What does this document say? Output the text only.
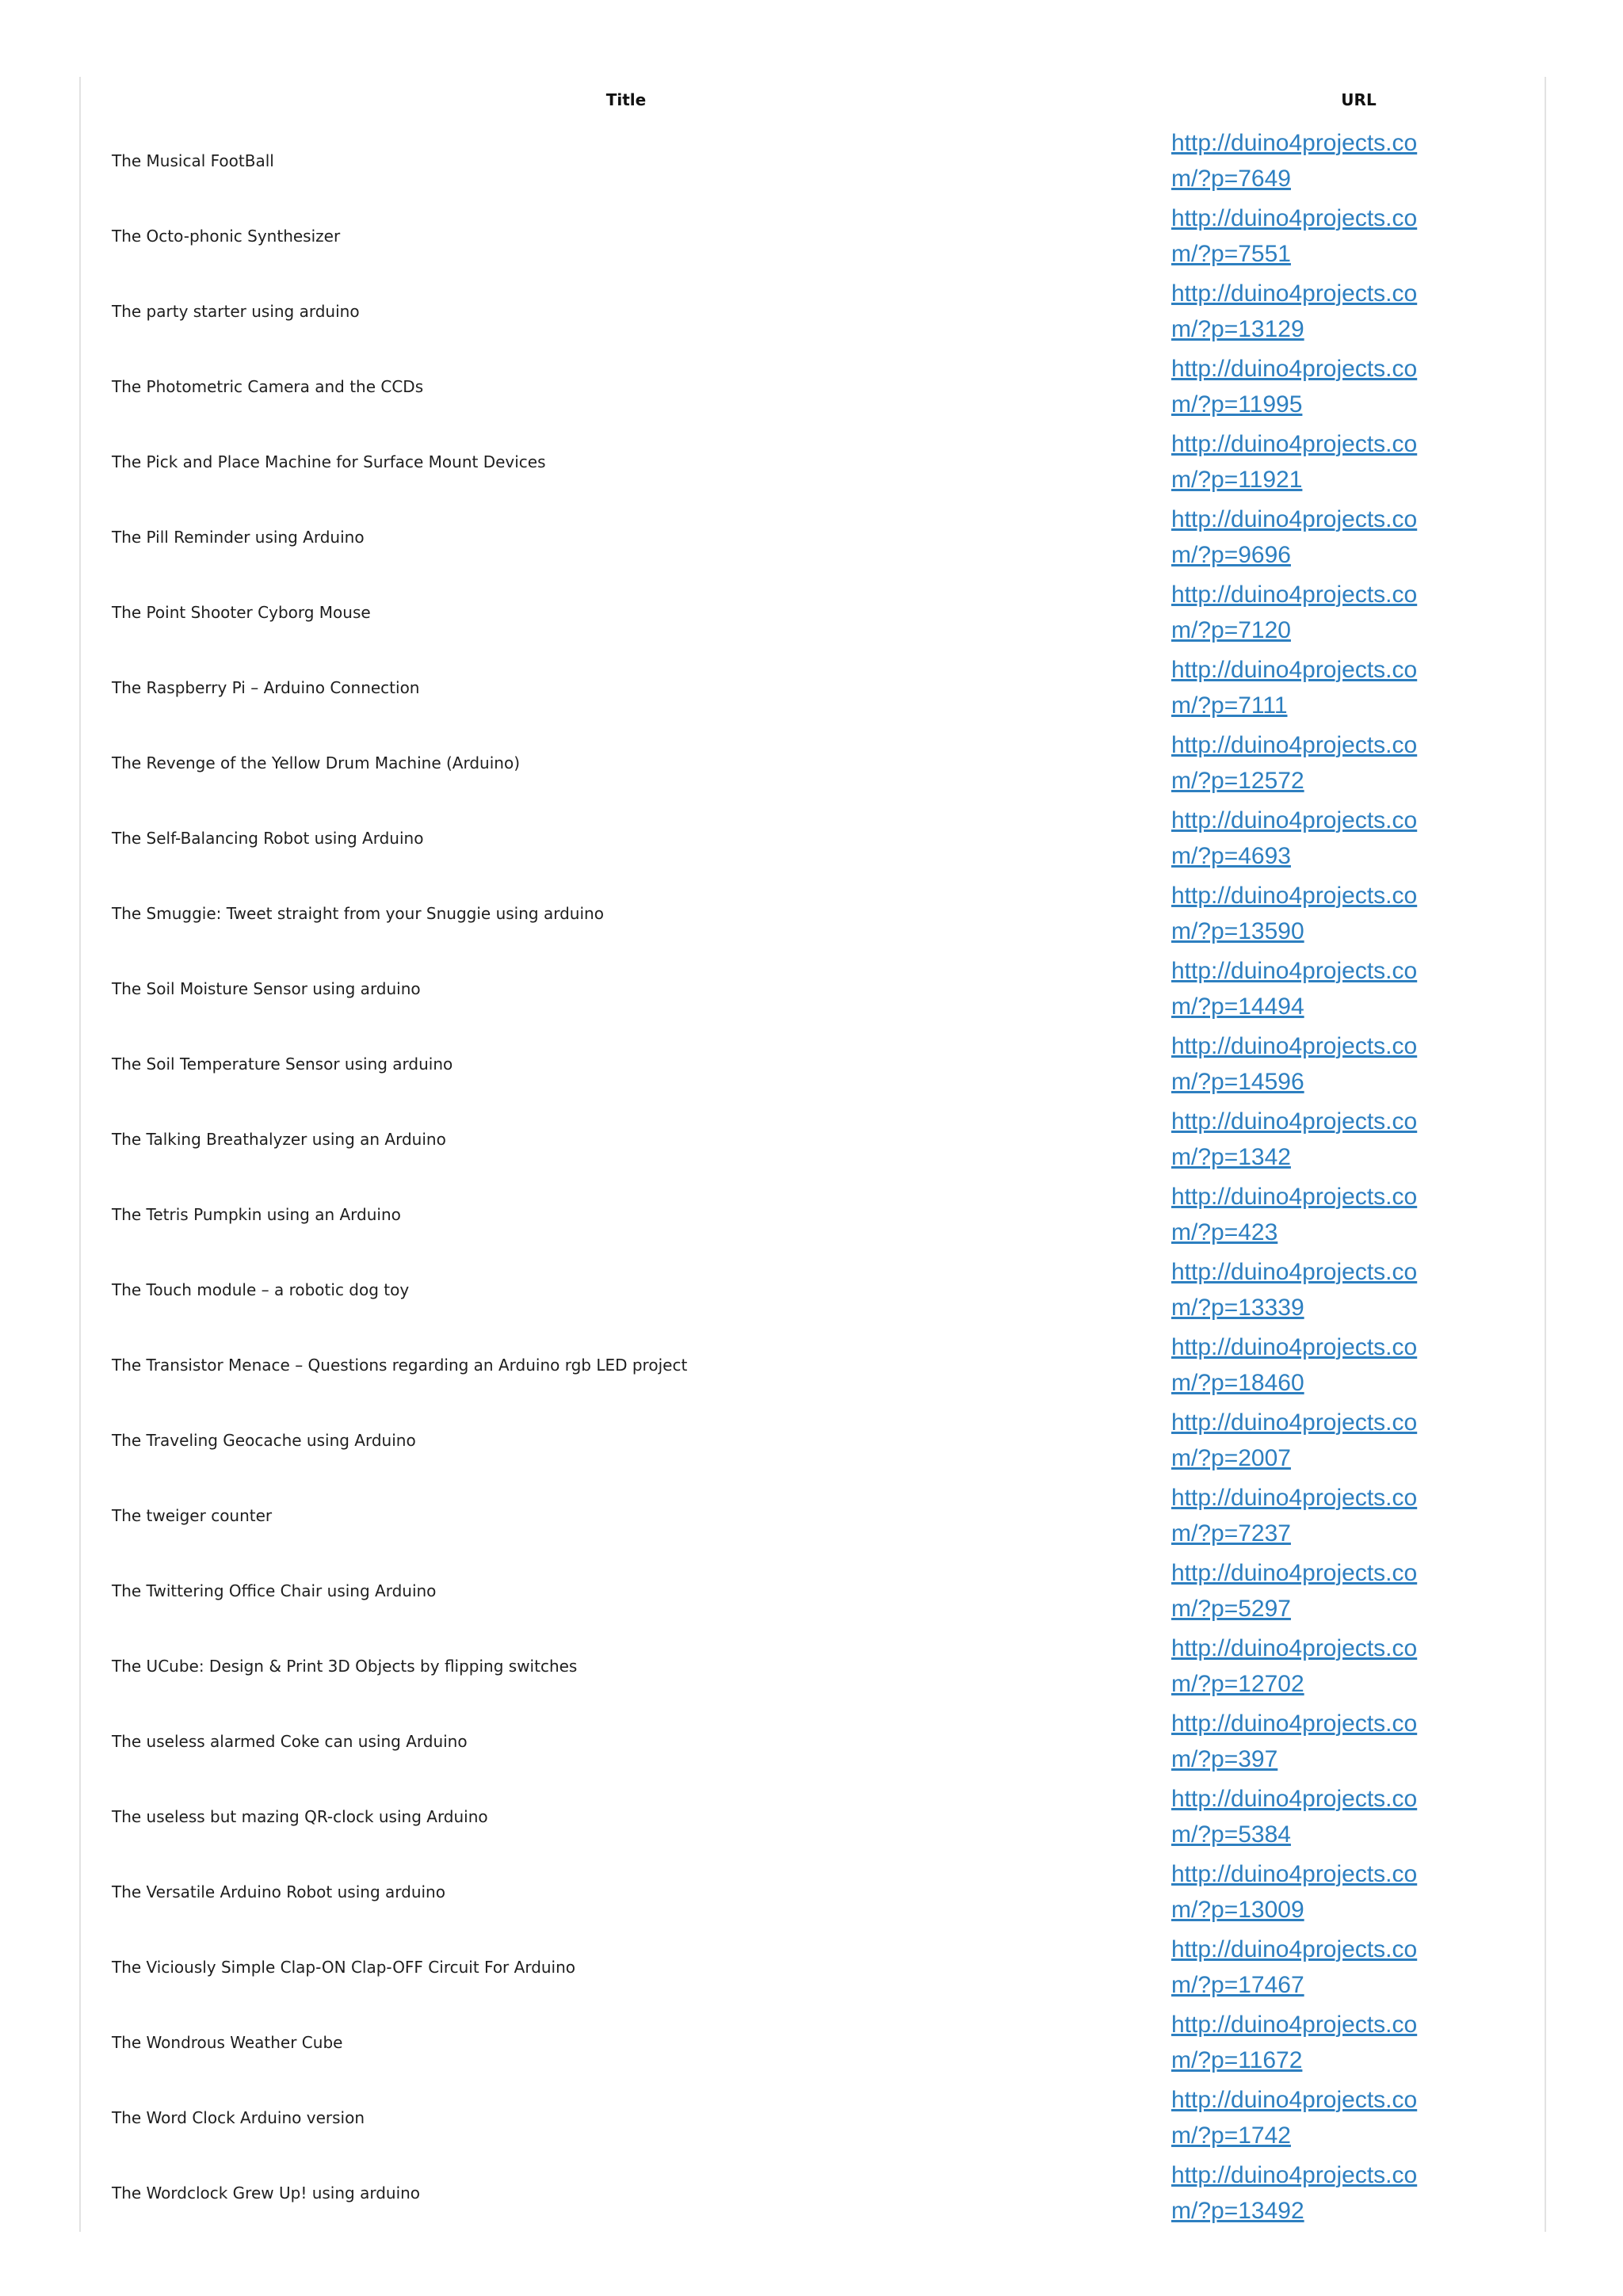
Title	URL
The Musical FootBall	http://duino4projects.com/?p=7649

The Octo-phonic Synthesizer	http://duino4projects.com/?p=7551

The party starter using arduino	http://duino4projects.com/?p=13129

The Photometric Camera and the CCDs	http://duino4projects.com/?p=11995

The Pick and Place Machine for Surface Mount Devices	http://duino4projects.com/?p=11921

The Pill Reminder using Arduino	http://duino4projects.com/?p=9696

The Point Shooter Cyborg Mouse	http://duino4projects.com/?p=7120

The Raspberry Pi – Arduino Connection	http://duino4projects.com/?p=7111

The Revenge of the Yellow Drum Machine (Arduino)	http://duino4projects.com/?p=12572

The Self-Balancing Robot using Arduino	http://duino4projects.com/?p=4693

The Smuggie: Tweet straight from your Snuggie using arduino	http://duino4projects.com/?p=13590

The Soil Moisture Sensor using arduino	http://duino4projects.com/?p=14494

The Soil Temperature Sensor using arduino	http://duino4projects.com/?p=14596

The Talking Breathalyzer using an Arduino	http://duino4projects.com/?p=1342

The Tetris Pumpkin using an Arduino	http://duino4projects.com/?p=423

The Touch module – a robotic dog toy	http://duino4projects.com/?p=13339

The Transistor Menace – Questions regarding an Arduino rgb LED project	http://duino4projects.com/?p=18460

The Traveling Geocache using Arduino	http://duino4projects.com/?p=2007

The tweiger counter	http://duino4projects.com/?p=7237

The Twittering Office Chair using Arduino	http://duino4projects.com/?p=5297

The UCube: Design & Print 3D Objects by flipping switches	http://duino4projects.com/?p=12702

The useless alarmed Coke can using Arduino	http://duino4projects.com/?p=397

The useless but mazing QR-clock using Arduino	http://duino4projects.com/?p=5384

The Versatile Arduino Robot using arduino	http://duino4projects.com/?p=13009

The Viciously Simple Clap-ON Clap-OFF Circuit For Arduino	http://duino4projects.com/?p=17467

The Wondrous Weather Cube	http://duino4projects.com/?p=11672

The Word Clock Arduino version	http://duino4projects.com/?p=1742

The Wordclock Grew Up! using arduino	http://duino4projects.com/?p=13492
